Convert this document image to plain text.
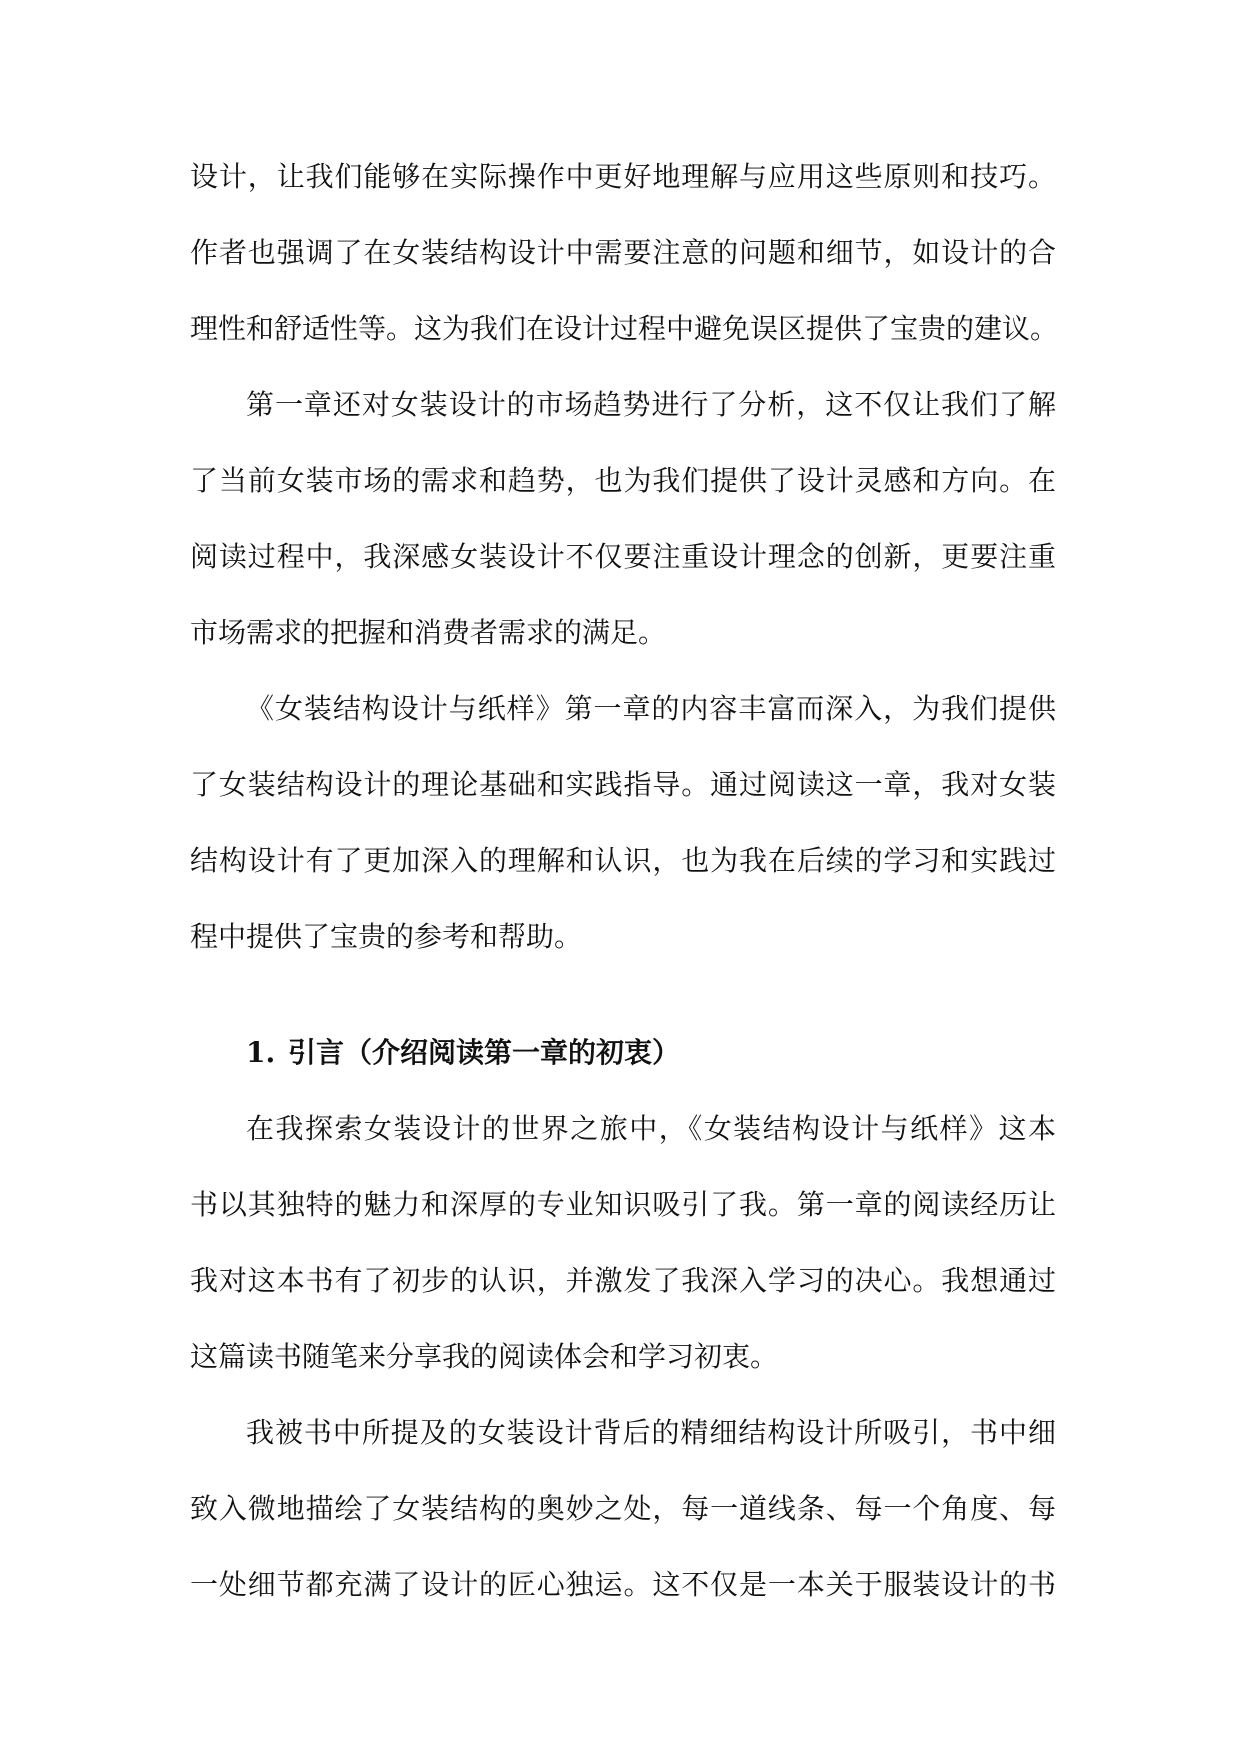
设计，让我们能够在实际操作中更好地理解与应用这些原则和技巧。
作者也强调了在女装结构设计中需要注意的问题和细节，如设计的合
理性和舒适性等。这为我们在设计过程中避免误区提供了宝贵的建议。
第一章还对女装设计的市场趋势进行了分析，这不仅让我们了解
了当前女装市场的需求和趋势，也为我们提供了设计灵感和方向。在
阅读过程中，我深感女装设计不仅要注重设计理念的创新，更要注重
市场需求的把握和消费者需求的满足。
《女装结构设计与纸样》第一章的内容丰富而深入，为我们提供
了女装结构设计的理论基础和实践指导。通过阅读这一章，我对女装
结构设计有了更加深入的理解和认识，也为我在后续的学习和实践过
程中提供了宝贵的参考和帮助。
1. 引言（介绍阅读第一章的初衷）
在我探索女装设计的世界之旅中，《女装结构设计与纸样》这本
书以其独特的魅力和深厚的专业知识吸引了我。第一章的阅读经历让
我对这本书有了初步的认识，并激发了我深入学习的决心。我想通过
这篇读书随笔来分享我的阅读体会和学习初衷。
我被书中所提及的女装设计背后的精细结构设计所吸引，书中细
致入微地描绘了女装结构的奥妙之处，每一道线条、每一个角度、每
一处细节都充满了设计的匠心独运。这不仅是一本关于服装设计的书
